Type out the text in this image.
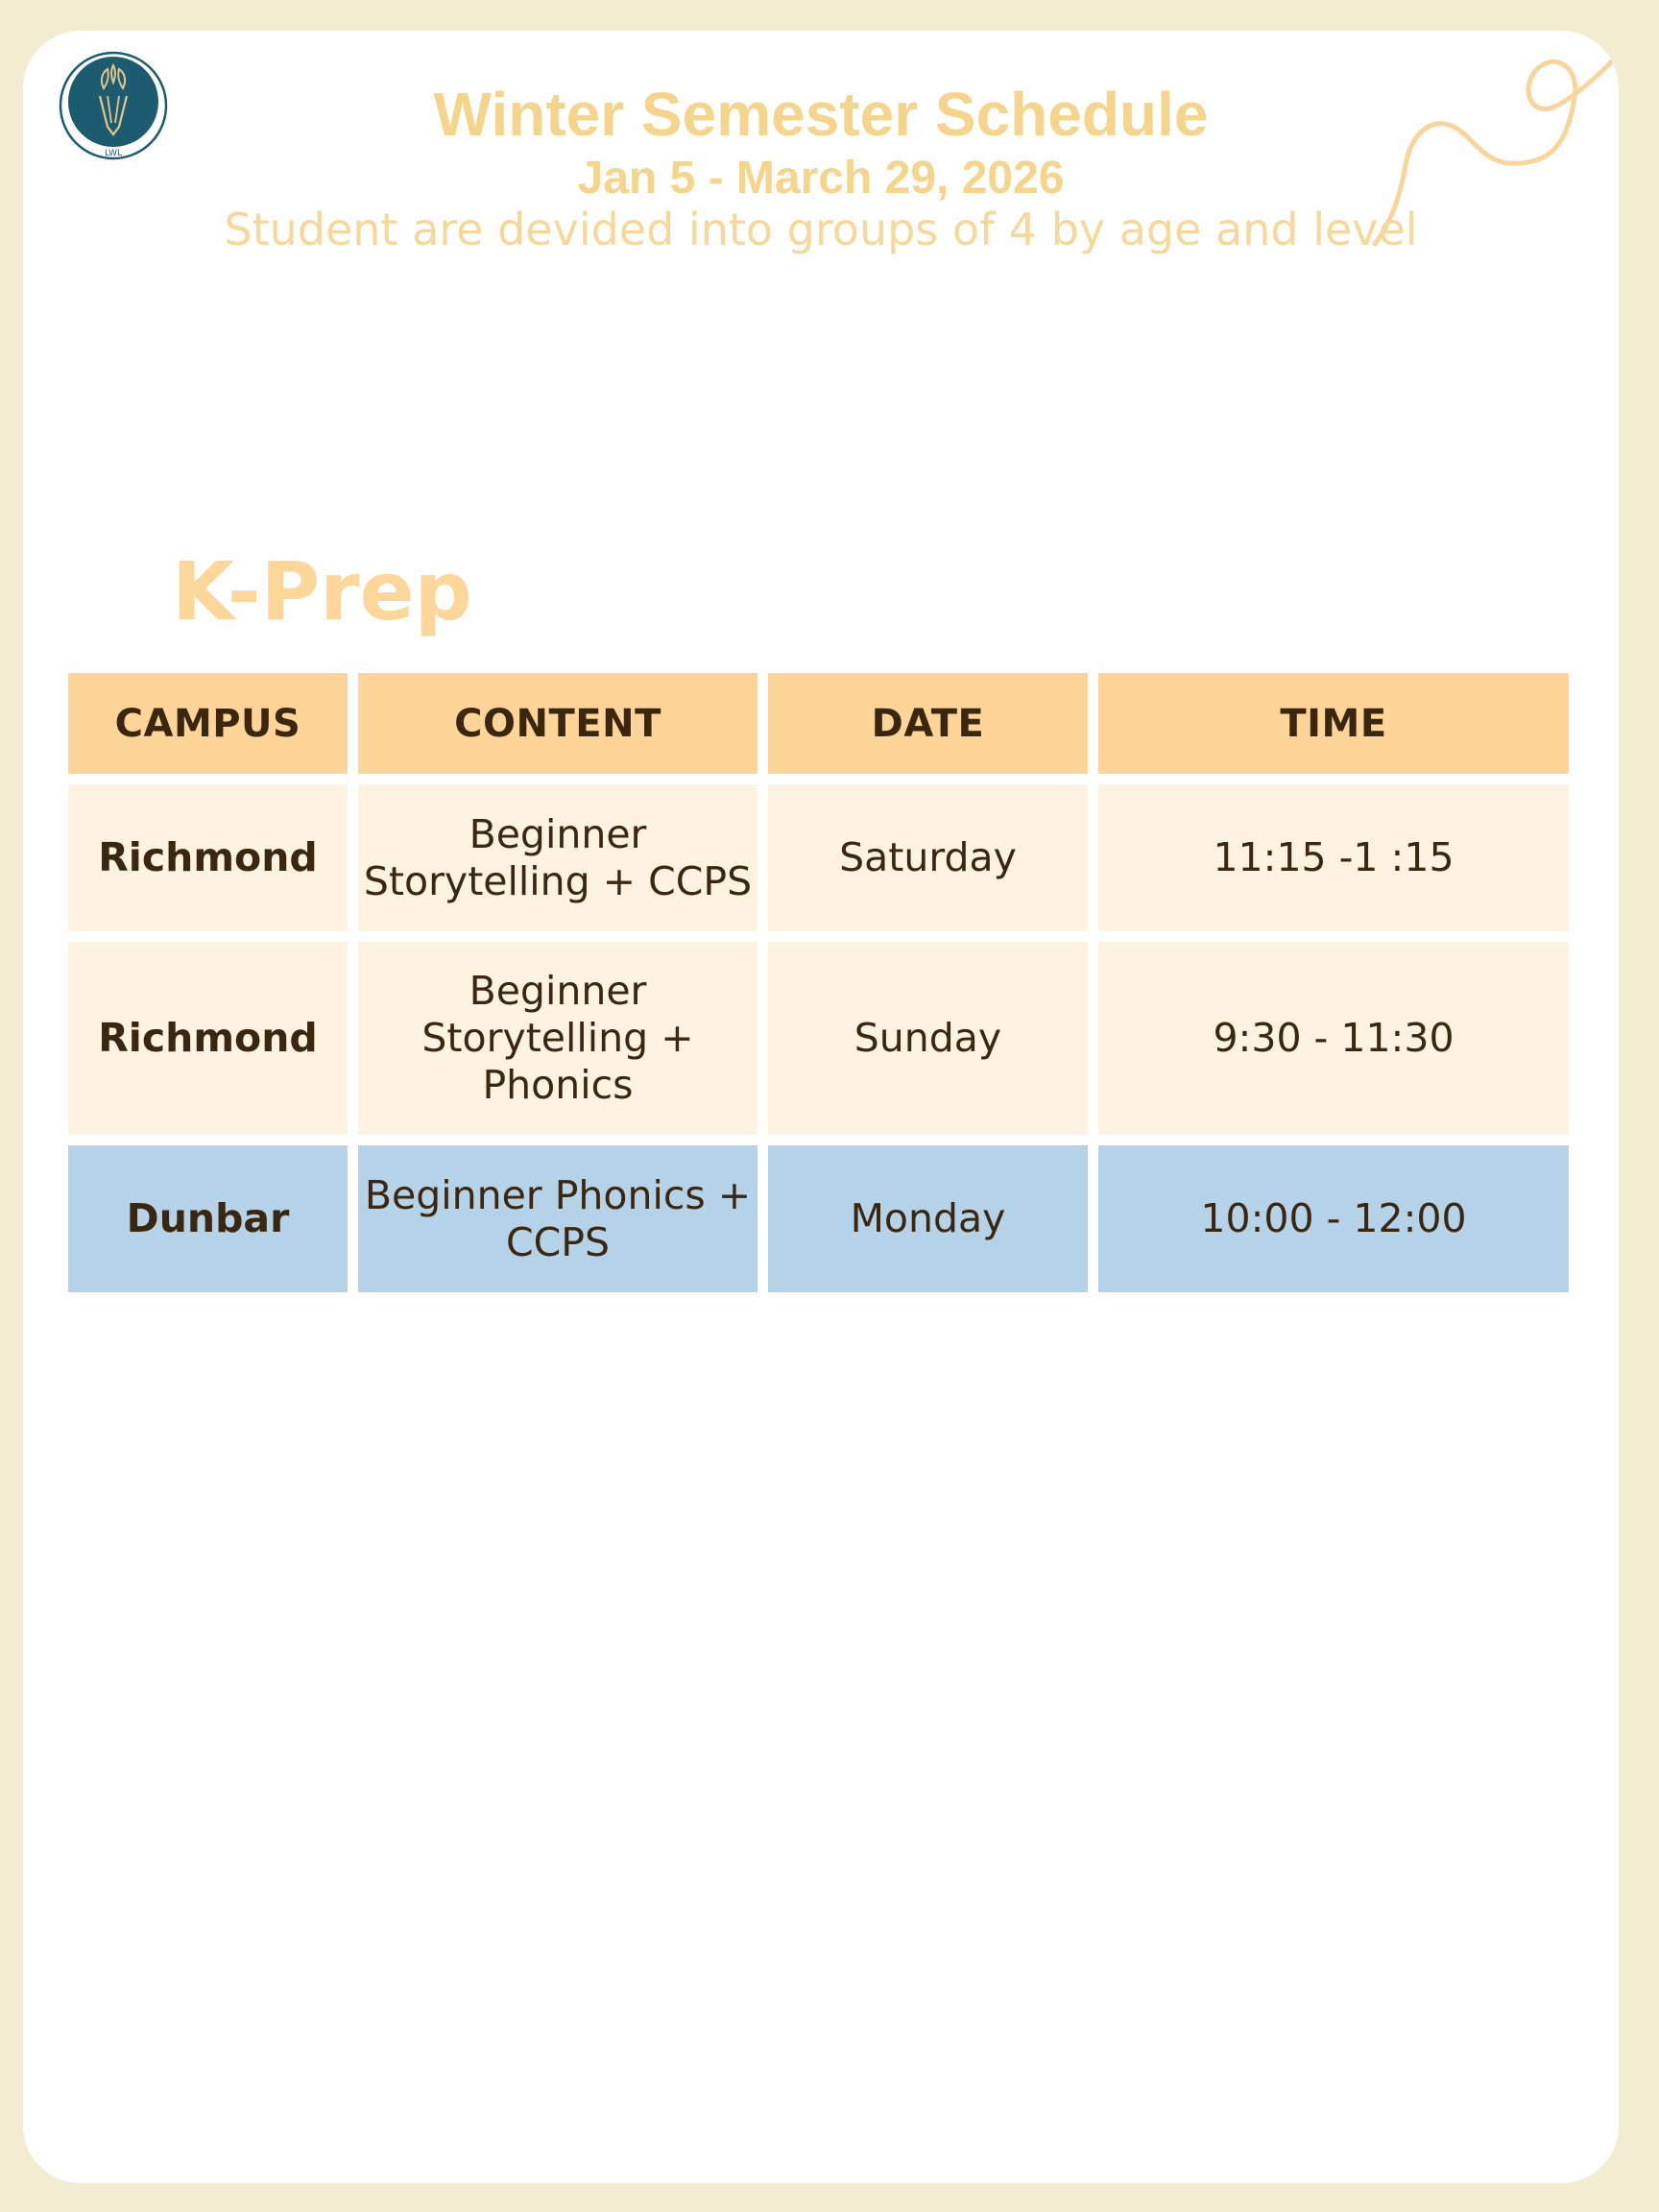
LWL
Winter Semester Schedule
Jan 5 - March 29, 2026
Student are devided into groups of 4 by age and level
K-Prep
CAMPUS	CONTENT	DATE	TIME
Richmond	Beginner Storytelling + CCPS	Saturday	11:15 -1 :15
Richmond	Beginner Storytelling + Phonics	Sunday	9:30 - 11:30
Dunbar	Beginner Phonics + CCPS	Monday	10:00 - 12:00
